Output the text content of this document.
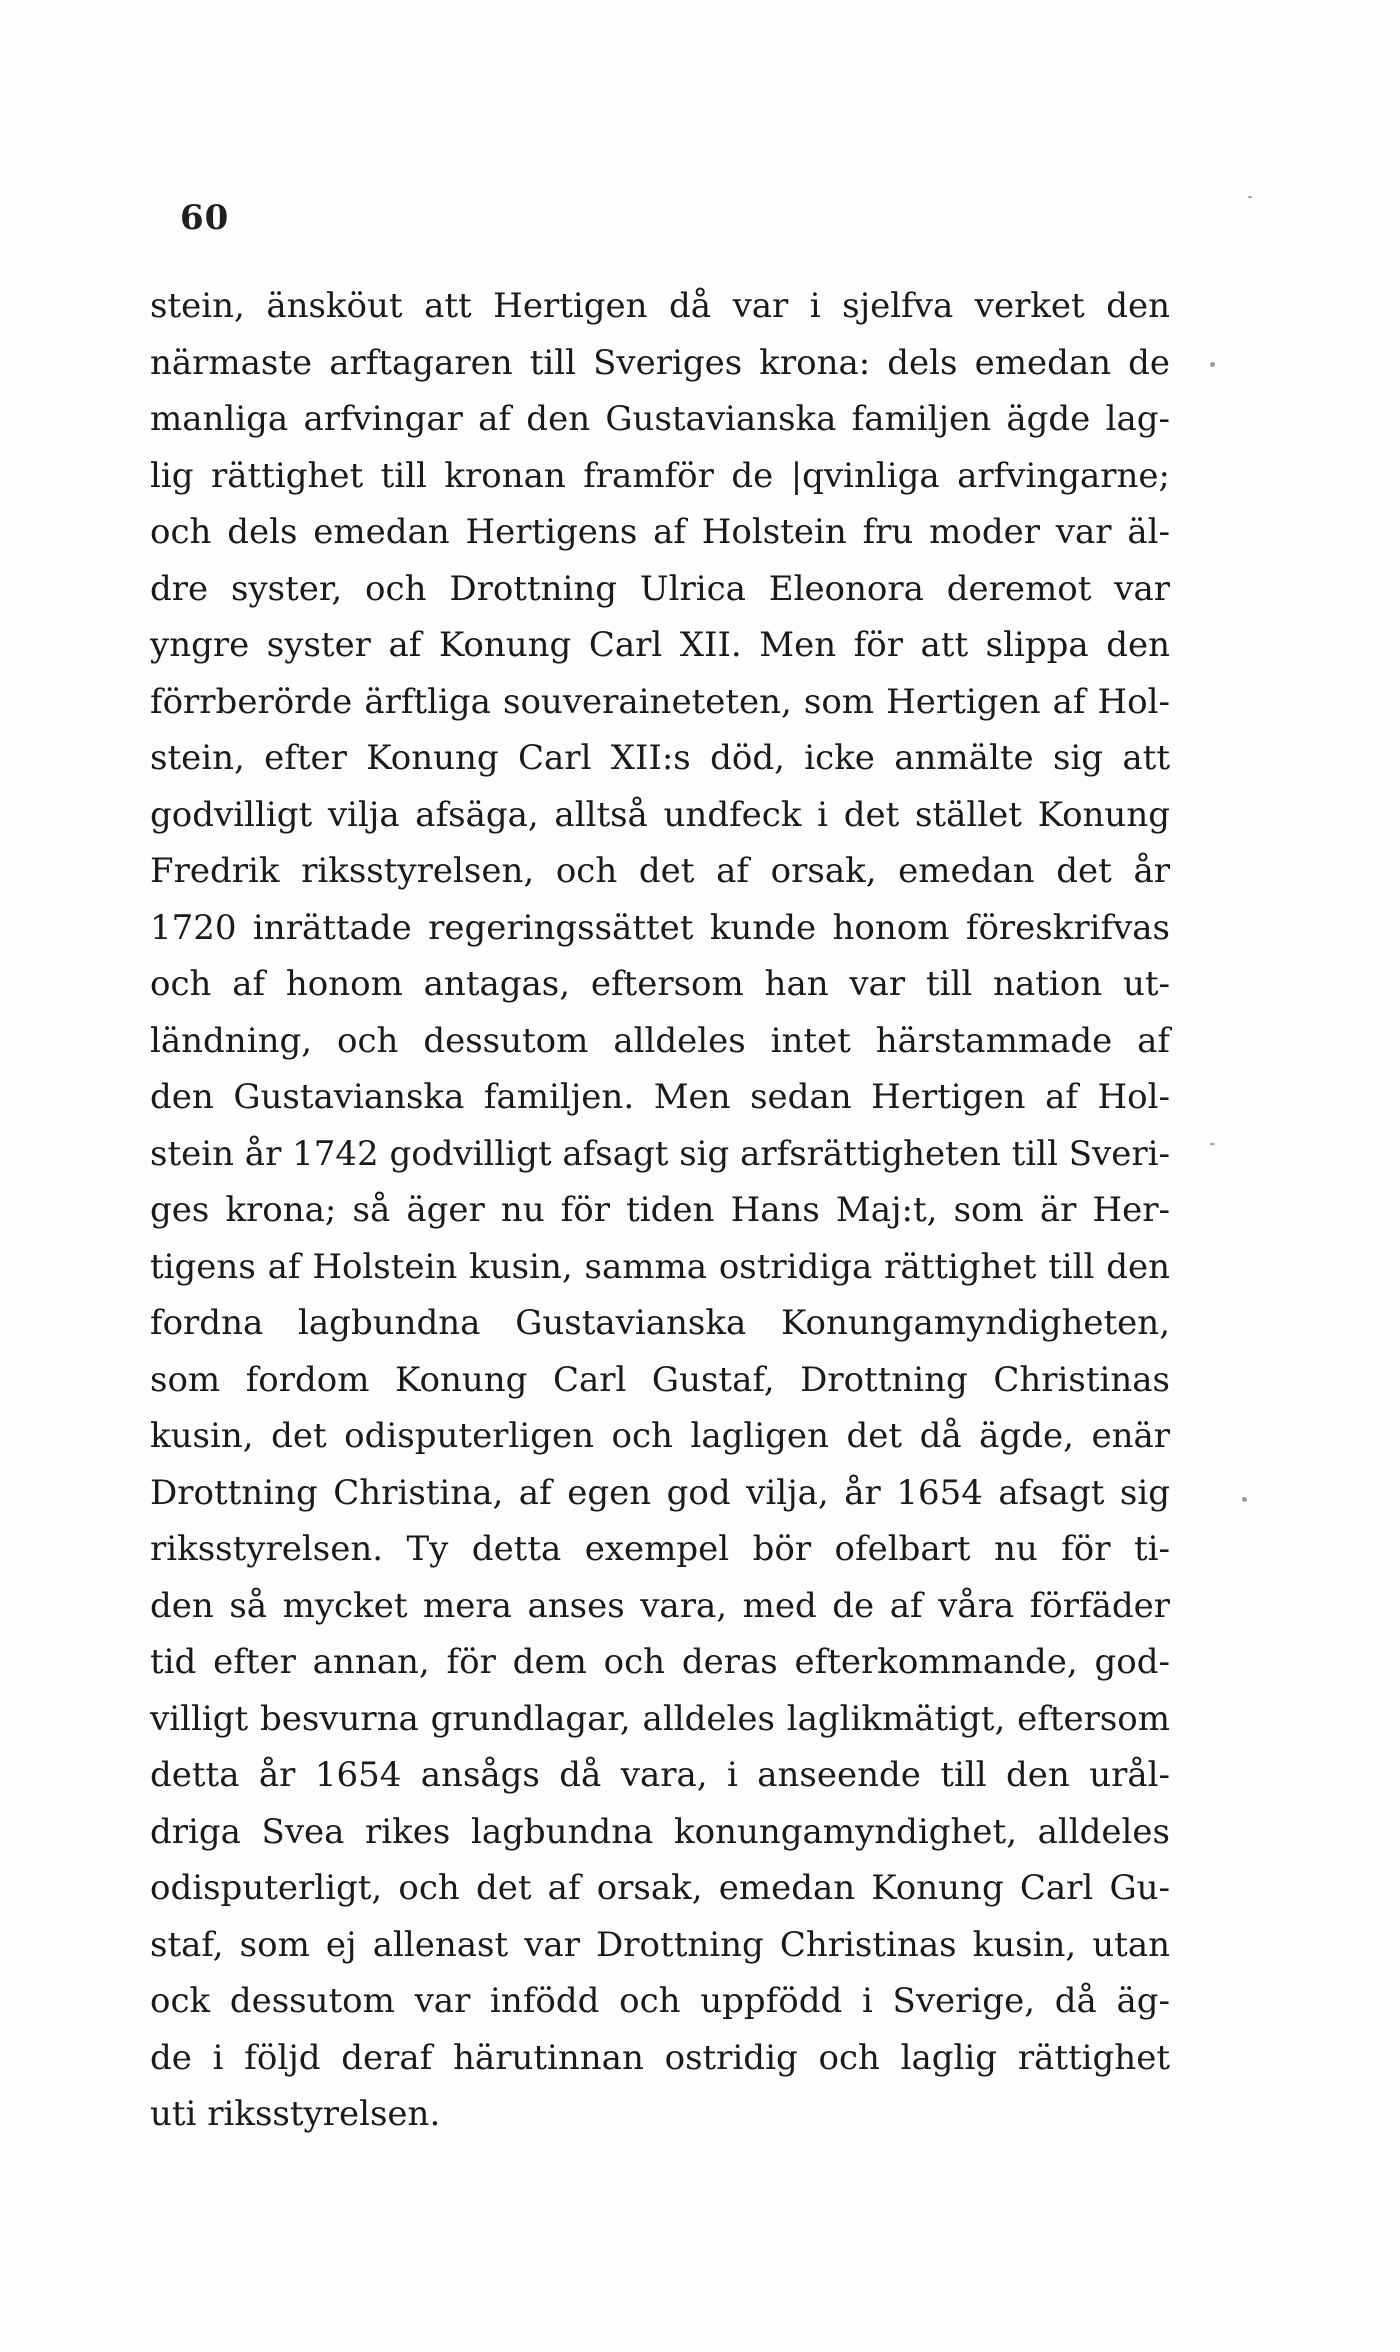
60
stein, änsköut att Hertigen då var i sjelfva verket den
närmaste arftagaren till Sveriges krona: dels emedan de
manliga arfvingar af den Gustavianska familjen ägde lag-
lig rättighet till kronan framför de |qvinliga arfvingarne;
och dels emedan Hertigens af Holstein fru moder var äl-
dre syster, och Drottning Ulrica Eleonora deremot var
yngre syster af Konung Carl XII. Men för att slippa den
förrberörde ärftliga souveraineteten, som Hertigen af Hol-
stein, efter Konung Carl XII:s död, icke anmälte sig att
godvilligt vilja afsäga, alltså undfeck i det stället Konung
Fredrik riksstyrelsen, och det af orsak, emedan det år
1720 inrättade regeringssättet kunde honom föreskrifvas
och af honom antagas, eftersom han var till nation ut-
ländning, och dessutom alldeles intet härstammade af
den Gustavianska familjen. Men sedan Hertigen af Hol-
stein år 1742 godvilligt afsagt sig arfsrättigheten till Sveri-
ges krona; så äger nu för tiden Hans Maj:t, som är Her-
tigens af Holstein kusin, samma ostridiga rättighet till den
fordna lagbundna Gustavianska Konungamyndigheten,
som fordom Konung Carl Gustaf, Drottning Christinas
kusin, det odisputerligen och lagligen det då ägde, enär
Drottning Christina, af egen god vilja, år 1654 afsagt sig
riksstyrelsen. Ty detta exempel bör ofelbart nu för ti-
den så mycket mera anses vara, med de af våra förfäder
tid efter annan, för dem och deras efterkommande, god-
villigt besvurna grundlagar, alldeles laglikmätigt, eftersom
detta år 1654 ansågs då vara, i anseende till den urål-
driga Svea rikes lagbundna konungamyndighet, alldeles
odisputerligt, och det af orsak, emedan Konung Carl Gu-
staf, som ej allenast var Drottning Christinas kusin, utan
ock dessutom var infödd och uppfödd i Sverige, då äg-
de i följd deraf härutinnan ostridig och laglig rättighet
uti riksstyrelsen.
